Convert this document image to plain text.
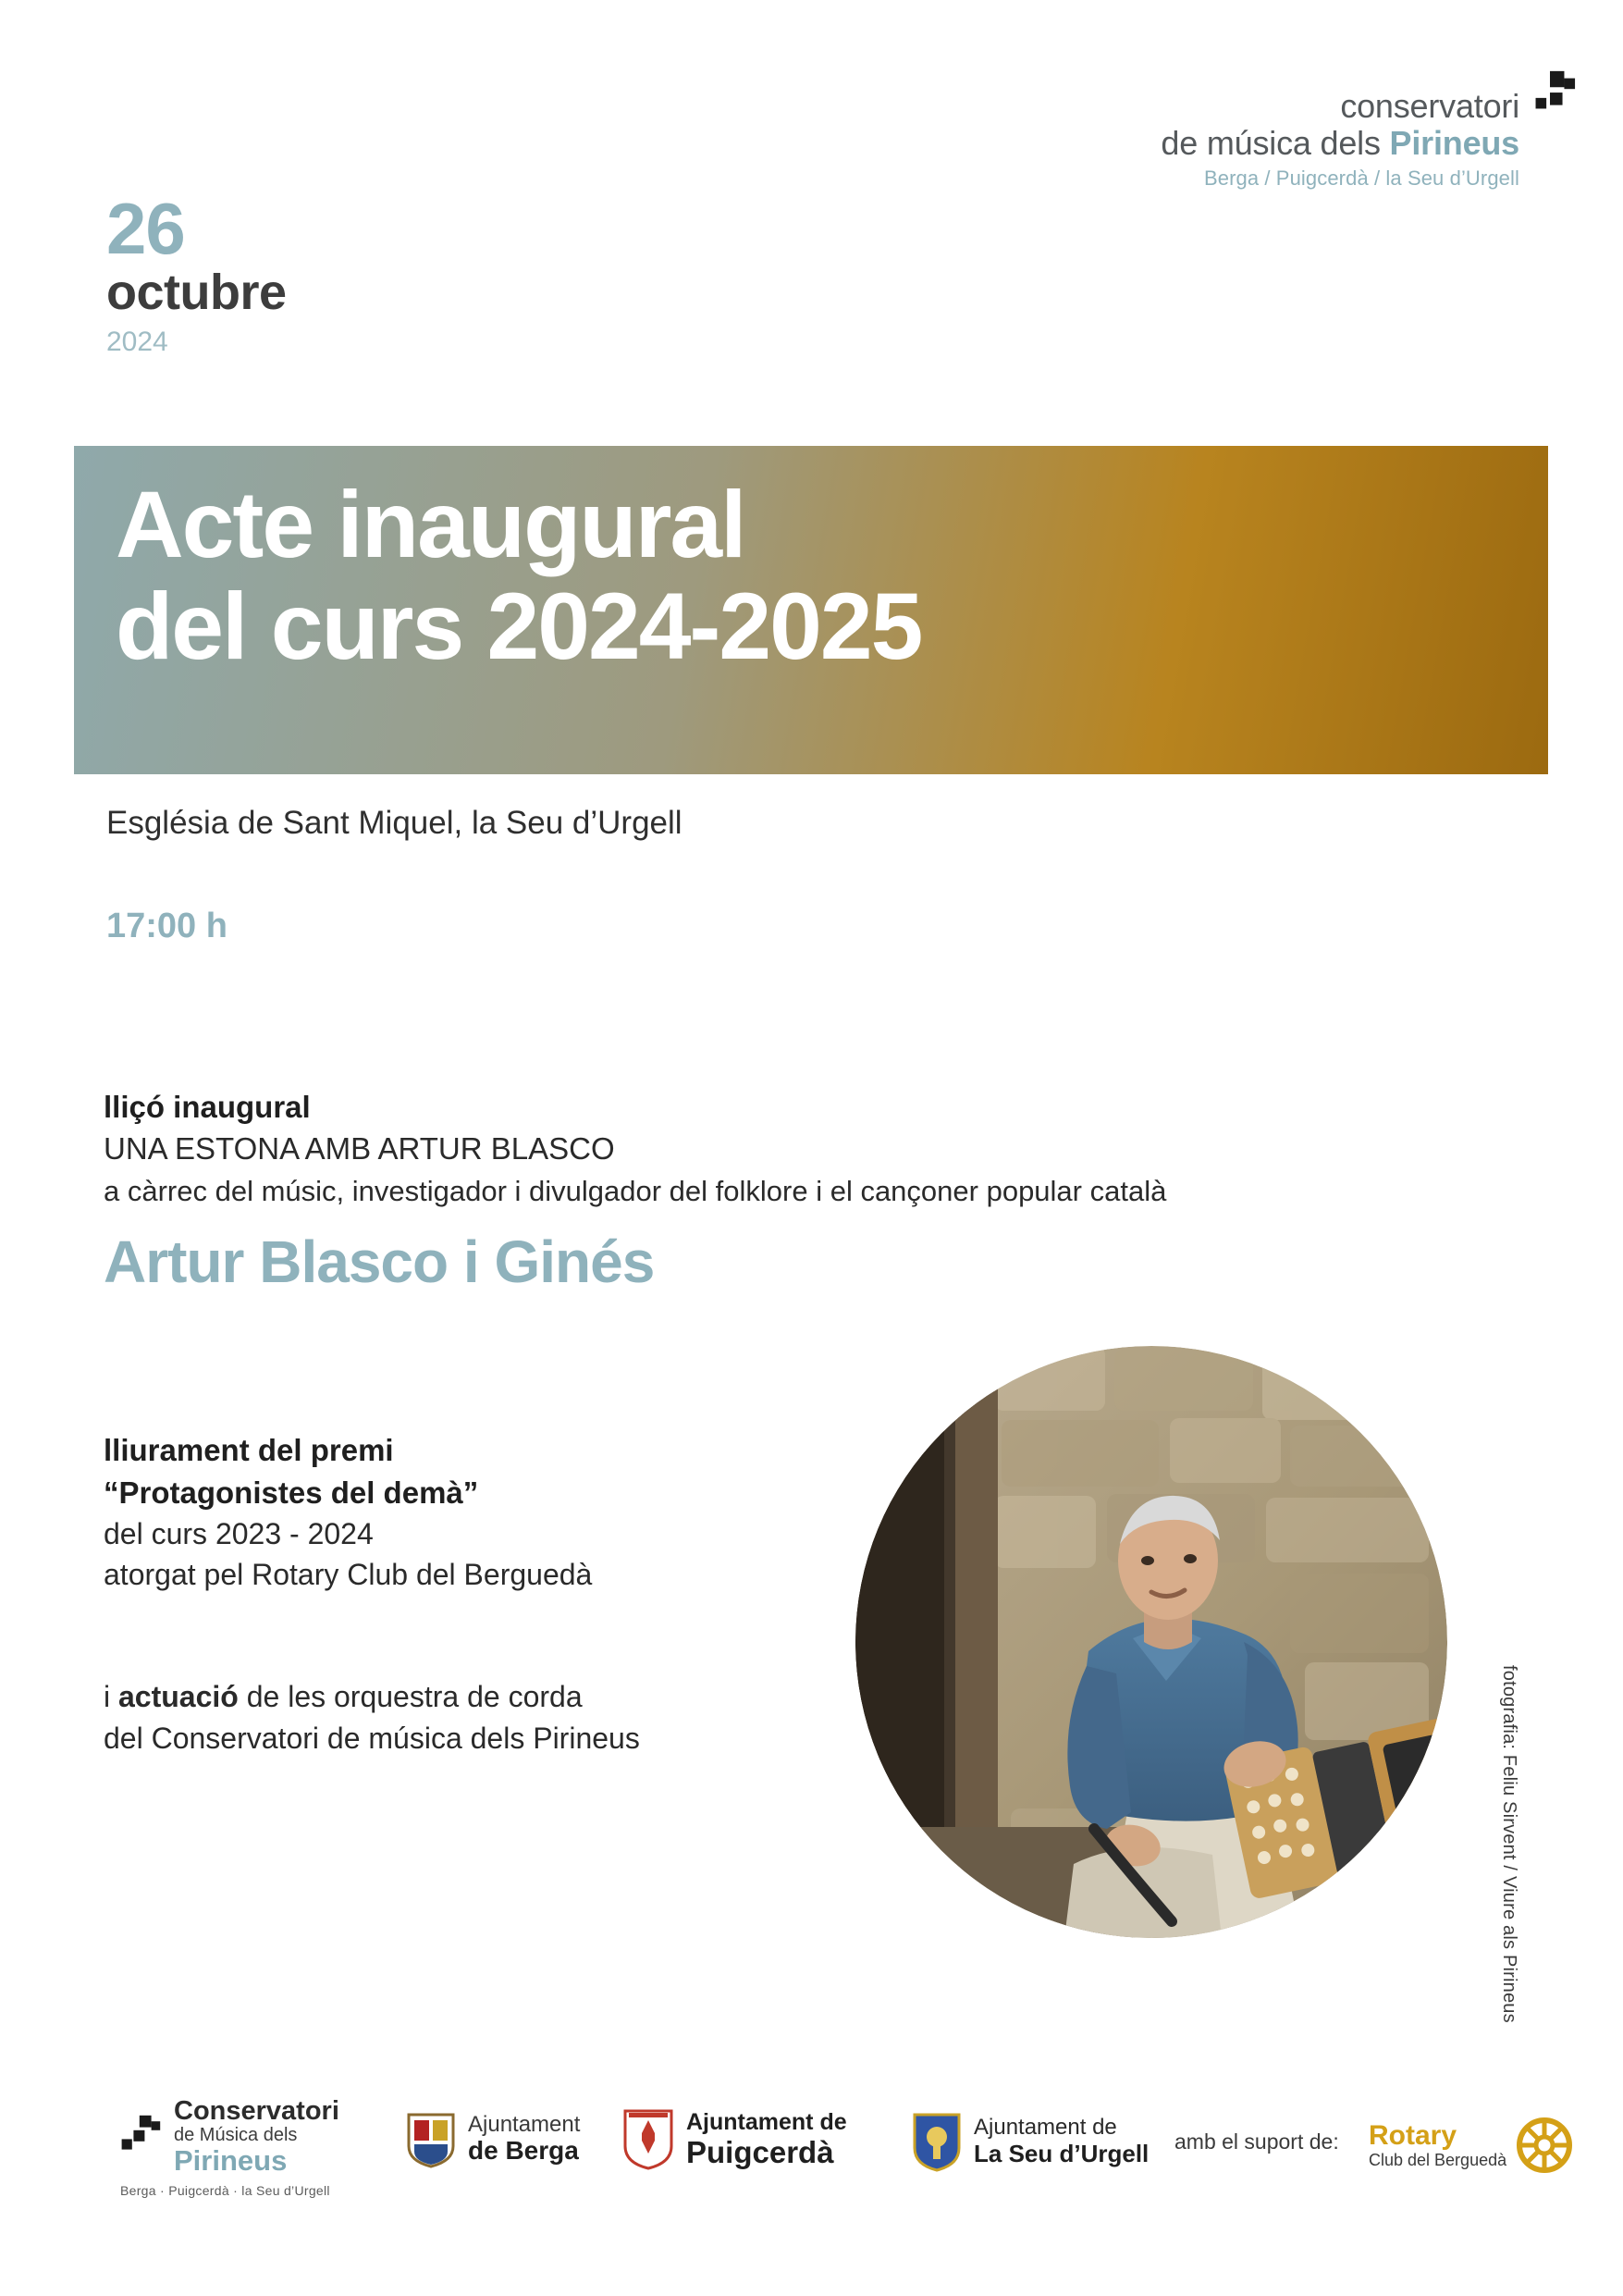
conservatori
de música dels Pirineus
Berga / Puigcerdà / la Seu d’Urgell
26
octubre
2024
Acte inaugural
del curs 2024-2025
Església de Sant Miquel, la Seu d’Urgell
17:00 h
lliçó inaugural
UNA ESTONA AMB ARTUR BLASCO
a càrrec del músic, investigador i divulgador del folklore i el cançoner popular català
Artur Blasco i Ginés
lliurament del premi
“Protagonistes del demà”
del curs 2023 - 2024
atorgat pel Rotary Club del Berguedà
i actuació de les orquestra de corda
del Conservatori de música dels Pirineus	fotografia: Feliu Sirvent / Viure als Pirineus
Conservatori
de Música dels
Pirineus
Berga · Puigcerdà · la Seu d’Urgell
Ajuntament
de Berga
Ajuntament de
Puigcerdà
Ajuntament de
La Seu d’Urgell amb el suport de: Rotary
Club del Berguedà
